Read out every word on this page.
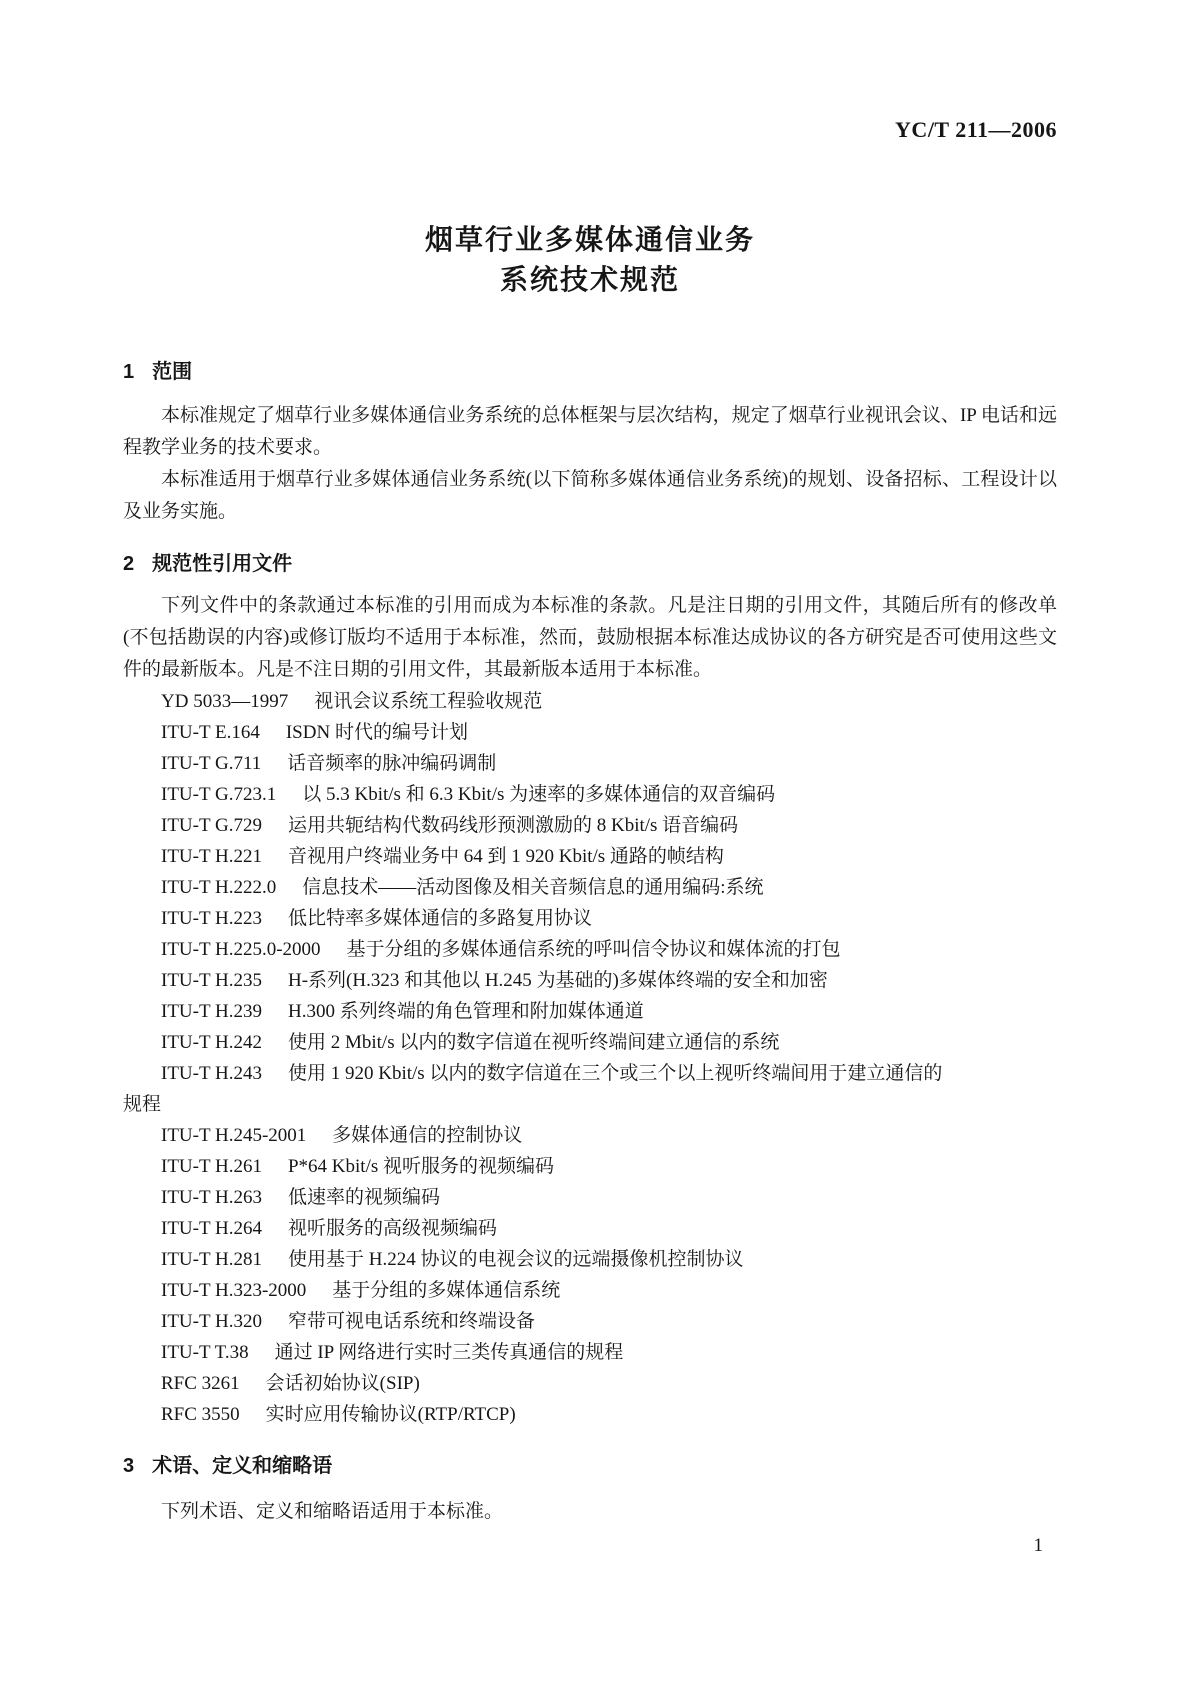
YC/T 211—2006
烟草行业多媒体通信业务
系统技术规范
1 范围
本标准规定了烟草行业多媒体通信业务系统的总体框架与层次结构，规定了烟草行业视讯会议、IP 电话和远程教学业务的技术要求。
本标准适用于烟草行业多媒体通信业务系统(以下简称多媒体通信业务系统)的规划、设备招标、工程设计以及业务实施。
2 规范性引用文件
下列文件中的条款通过本标准的引用而成为本标准的条款。凡是注日期的引用文件，其随后所有的修改单(不包括勘误的内容)或修订版均不适用于本标准，然而，鼓励根据本标准达成协议的各方研究是否可使用这些文件的最新版本。凡是不注日期的引用文件，其最新版本适用于本标准。
YD 5033—1997 视讯会议系统工程验收规范
ITU-T E.164 ISDN 时代的编号计划
ITU-T G.711 话音频率的脉冲编码调制
ITU-T G.723.1 以 5.3 Kbit/s 和 6.3 Kbit/s 为速率的多媒体通信的双音编码
ITU-T G.729 运用共轭结构代数码线形预测激励的 8 Kbit/s 语音编码
ITU-T H.221 音视用户终端业务中 64 到 1 920 Kbit/s 通路的帧结构
ITU-T H.222.0 信息技术——活动图像及相关音频信息的通用编码:系统
ITU-T H.223 低比特率多媒体通信的多路复用协议
ITU-T H.225.0-2000 基于分组的多媒体通信系统的呼叫信令协议和媒体流的打包
ITU-T H.235 H-系列(H.323 和其他以 H.245 为基础的)多媒体终端的安全和加密
ITU-T H.239 H.300 系列终端的角色管理和附加媒体通道
ITU-T H.242 使用 2 Mbit/s 以内的数字信道在视听终端间建立通信的系统
ITU-T H.243 使用 1 920 Kbit/s 以内的数字信道在三个或三个以上视听终端间用于建立通信的
规程
ITU-T H.245-2001 多媒体通信的控制协议
ITU-T H.261 P*64 Kbit/s 视听服务的视频编码
ITU-T H.263 低速率的视频编码
ITU-T H.264 视听服务的高级视频编码
ITU-T H.281 使用基于 H.224 协议的电视会议的远端摄像机控制协议
ITU-T H.323-2000 基于分组的多媒体通信系统
ITU-T H.320 窄带可视电话系统和终端设备
ITU-T T.38 通过 IP 网络进行实时三类传真通信的规程
RFC 3261 会话初始协议(SIP)
RFC 3550 实时应用传输协议(RTP/RTCP)
3 术语、定义和缩略语
下列术语、定义和缩略语适用于本标准。
1
